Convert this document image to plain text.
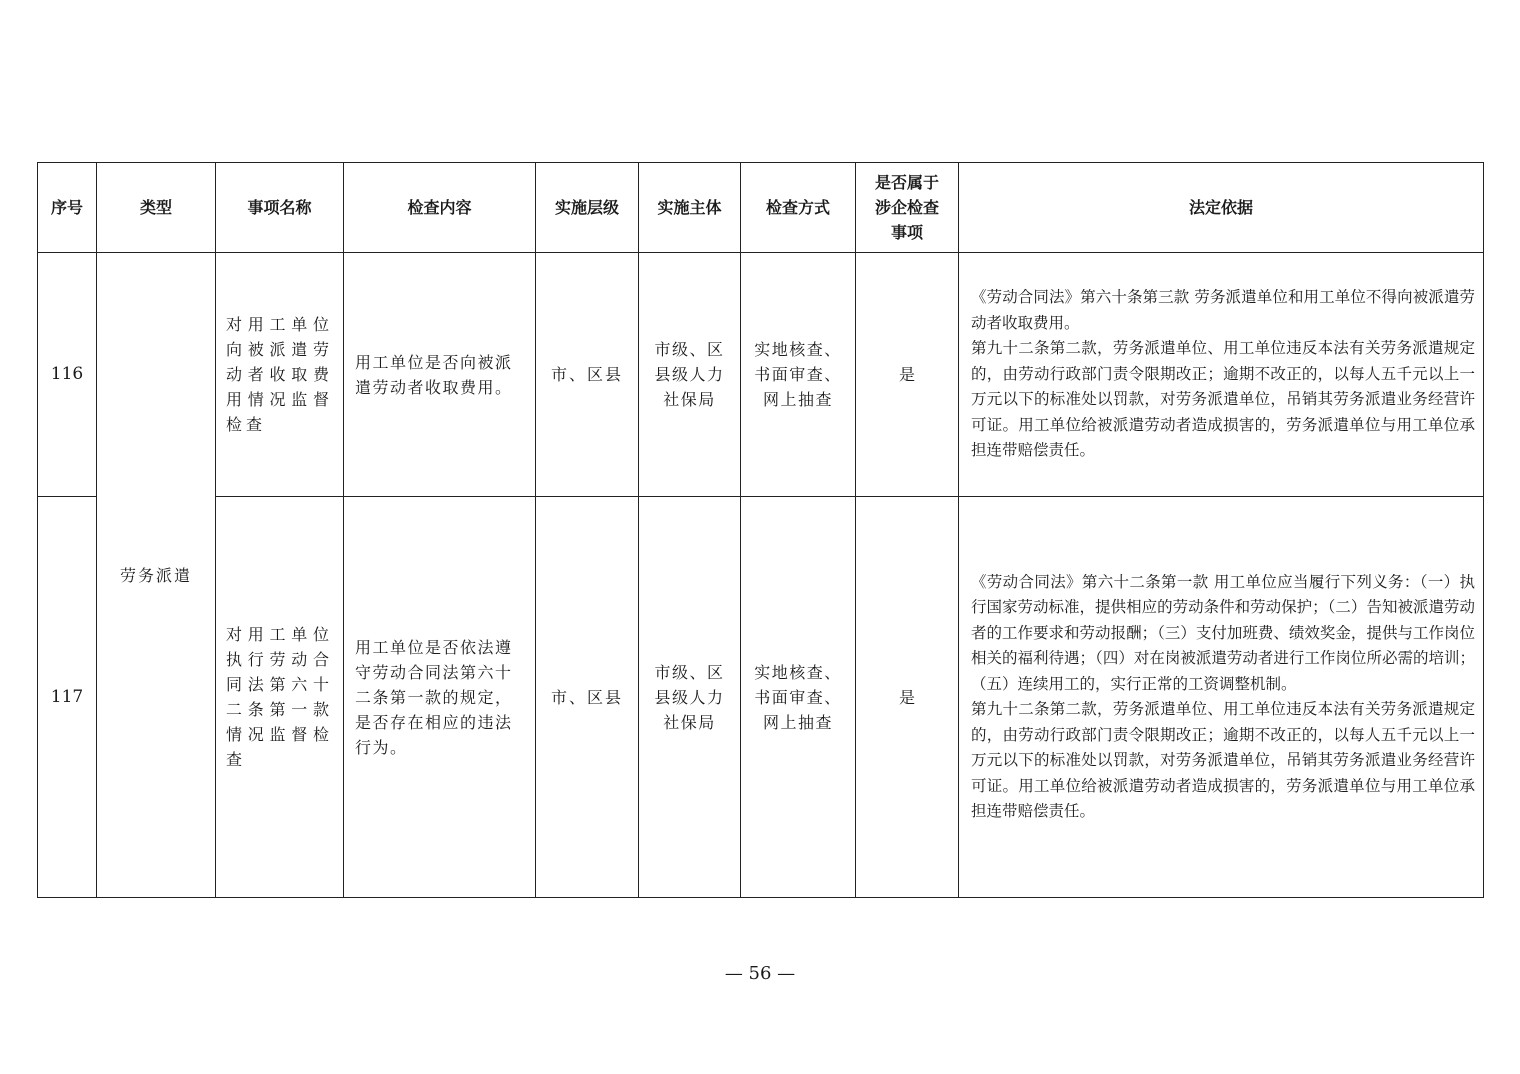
序号	类型	事项名称	检查内容	实施层级	实施主体	检查方式	是否属于涉企检查事项	法定依据
116	劳务派遣	对用工单位向被派遣劳动者收取费用情况监督检查	用工单位是否向被派遣劳动者收取费用。	市、区县	市级、区县级人力社保局	实地核查、书面审查、网上抽查	是	《劳动合同法》第六十条第三款 劳务派遣单位和用工单位不得向被派遣劳动者收取费用。
第九十二条第二款，劳务派遣单位、用工单位违反本法有关劳务派遣规定的，由劳动行政部门责令限期改正；逾期不改正的，以每人五千元以上一万元以下的标准处以罚款，对劳务派遣单位，吊销其劳务派遣业务经营许可证。用工单位给被派遣劳动者造成损害的，劳务派遣单位与用工单位承担连带赔偿责任。

117		对用工单位执行劳动合同法第六十二条第一款情况监督检查	用工单位是否依法遵守劳动合同法第六十二条第一款的规定，是否存在相应的违法行为。	市、区县	市级、区县级人力社保局	实地核查、书面审查、网上抽查	是	《劳动合同法》第六十二条第一款 用工单位应当履行下列义务：（一）执行国家劳动标准，提供相应的劳动条件和劳动保护；（二）告知被派遣劳动者的工作要求和劳动报酬；（三）支付加班费、绩效奖金，提供与工作岗位相关的福利待遇；（四）对在岗被派遣劳动者进行工作岗位所必需的培训；（五）连续用工的，实行正常的工资调整机制。
第九十二条第二款，劳务派遣单位、用工单位违反本法有关劳务派遣规定的，由劳动行政部门责令限期改正；逾期不改正的，以每人五千元以上一万元以下的标准处以罚款，对劳务派遣单位，吊销其劳务派遣业务经营许可证。用工单位给被派遣劳动者造成损害的，劳务派遣单位与用工单位承担连带赔偿责任。
— 56 —
